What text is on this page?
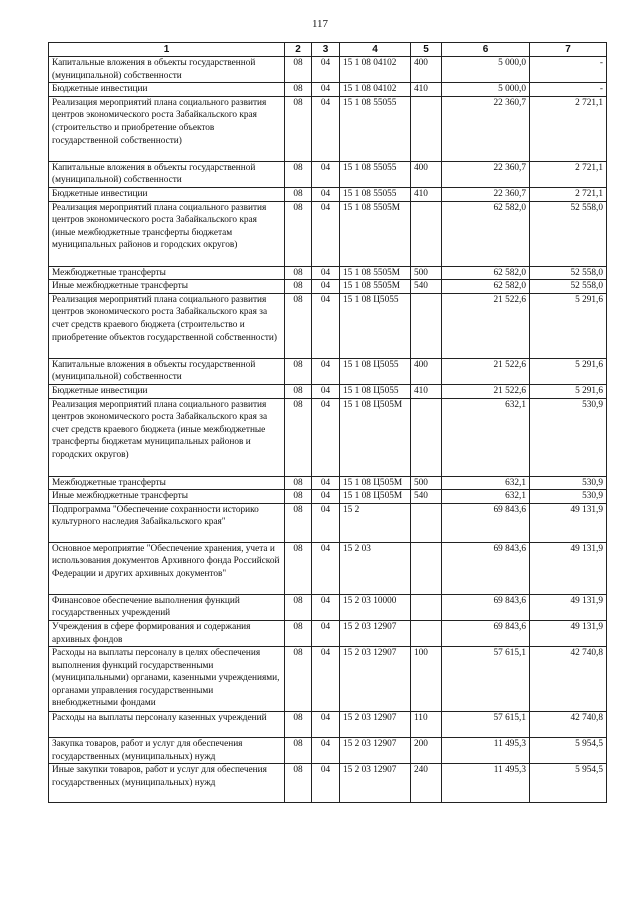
117
1	2	3	4	5	6	7
Капитальные вложения в объекты государственной (муниципальной) собственности	08	04	15 1 08 04102	400	5 000,0	-
Бюджетные инвестиции	08	04	15 1 08 04102	410	5 000,0	-
Реализация мероприятий плана социального развития центров экономического роста Забайкальского края (строительство и приобретение объектов государственной собственности)	08	04	15 1 08 55055		22 360,7	2 721,1
Капитальные вложения в объекты государственной (муниципальной) собственности	08	04	15 1 08 55055	400	22 360,7	2 721,1
Бюджетные инвестиции	08	04	15 1 08 55055	410	22 360,7	2 721,1
Реализация мероприятий плана социального развития центров экономического роста Забайкальского края (иные межбюджетные трансферты бюджетам муниципальных районов и городских округов)	08	04	15 1 08 5505М		62 582,0	52 558,0
Межбюджетные трансферты	08	04	15 1 08 5505М	500	62 582,0	52 558,0
Иные межбюджетные трансферты	08	04	15 1 08 5505М	540	62 582,0	52 558,0
Реализация мероприятий плана социального развития центров экономического роста Забайкальского края за счет средств краевого бюджета (строительство и приобретение объектов государственной собственности)	08	04	15 1 08 Ц5055		21 522,6	5 291,6
Капитальные вложения в объекты государственной (муниципальной) собственности	08	04	15 1 08 Ц5055	400	21 522,6	5 291,6
Бюджетные инвестиции	08	04	15 1 08 Ц5055	410	21 522,6	5 291,6
Реализация мероприятий плана социального развития центров экономического роста Забайкальского края за счет средств краевого бюджета (иные межбюджетные трансферты бюджетам муниципальных районов и городских округов)	08	04	15 1 08 Ц505М		632,1	530,9
Межбюджетные трансферты	08	04	15 1 08 Ц505М	500	632,1	530,9
Иные межбюджетные трансферты	08	04	15 1 08 Ц505М	540	632,1	530,9
Подпрограмма "Обеспечение сохранности историко культурного наследия Забайкальского края"	08	04	15 2		69 843,6	49 131,9
Основное мероприятие "Обеспечение хранения, учета и использования документов Архивного фонда Российской Федерации и других архивных документов"	08	04	15 2 03		69 843,6	49 131,9
Финансовое обеспечение выполнения функций государственных учреждений	08	04	15 2 03 10000		69 843,6	49 131,9
Учреждения в сфере формирования и содержания архивных фондов	08	04	15 2 03 12907		69 843,6	49 131,9
Расходы на выплаты персоналу в целях обеспечения выполнения функций государственными (муниципальными) органами, казенными учреждениями, органами управления государственными внебюджетными фондами	08	04	15 2 03 12907	100	57 615,1	42 740,8
Расходы на выплаты персоналу казенных учреждений	08	04	15 2 03 12907	110	57 615,1	42 740,8
Закупка товаров, работ и услуг для обеспечения государственных (муниципальных) нужд	08	04	15 2 03 12907	200	11 495,3	5 954,5
Иные закупки товаров, работ и услуг для обеспечения государственных (муниципальных) нужд	08	04	15 2 03 12907	240	11 495,3	5 954,5
